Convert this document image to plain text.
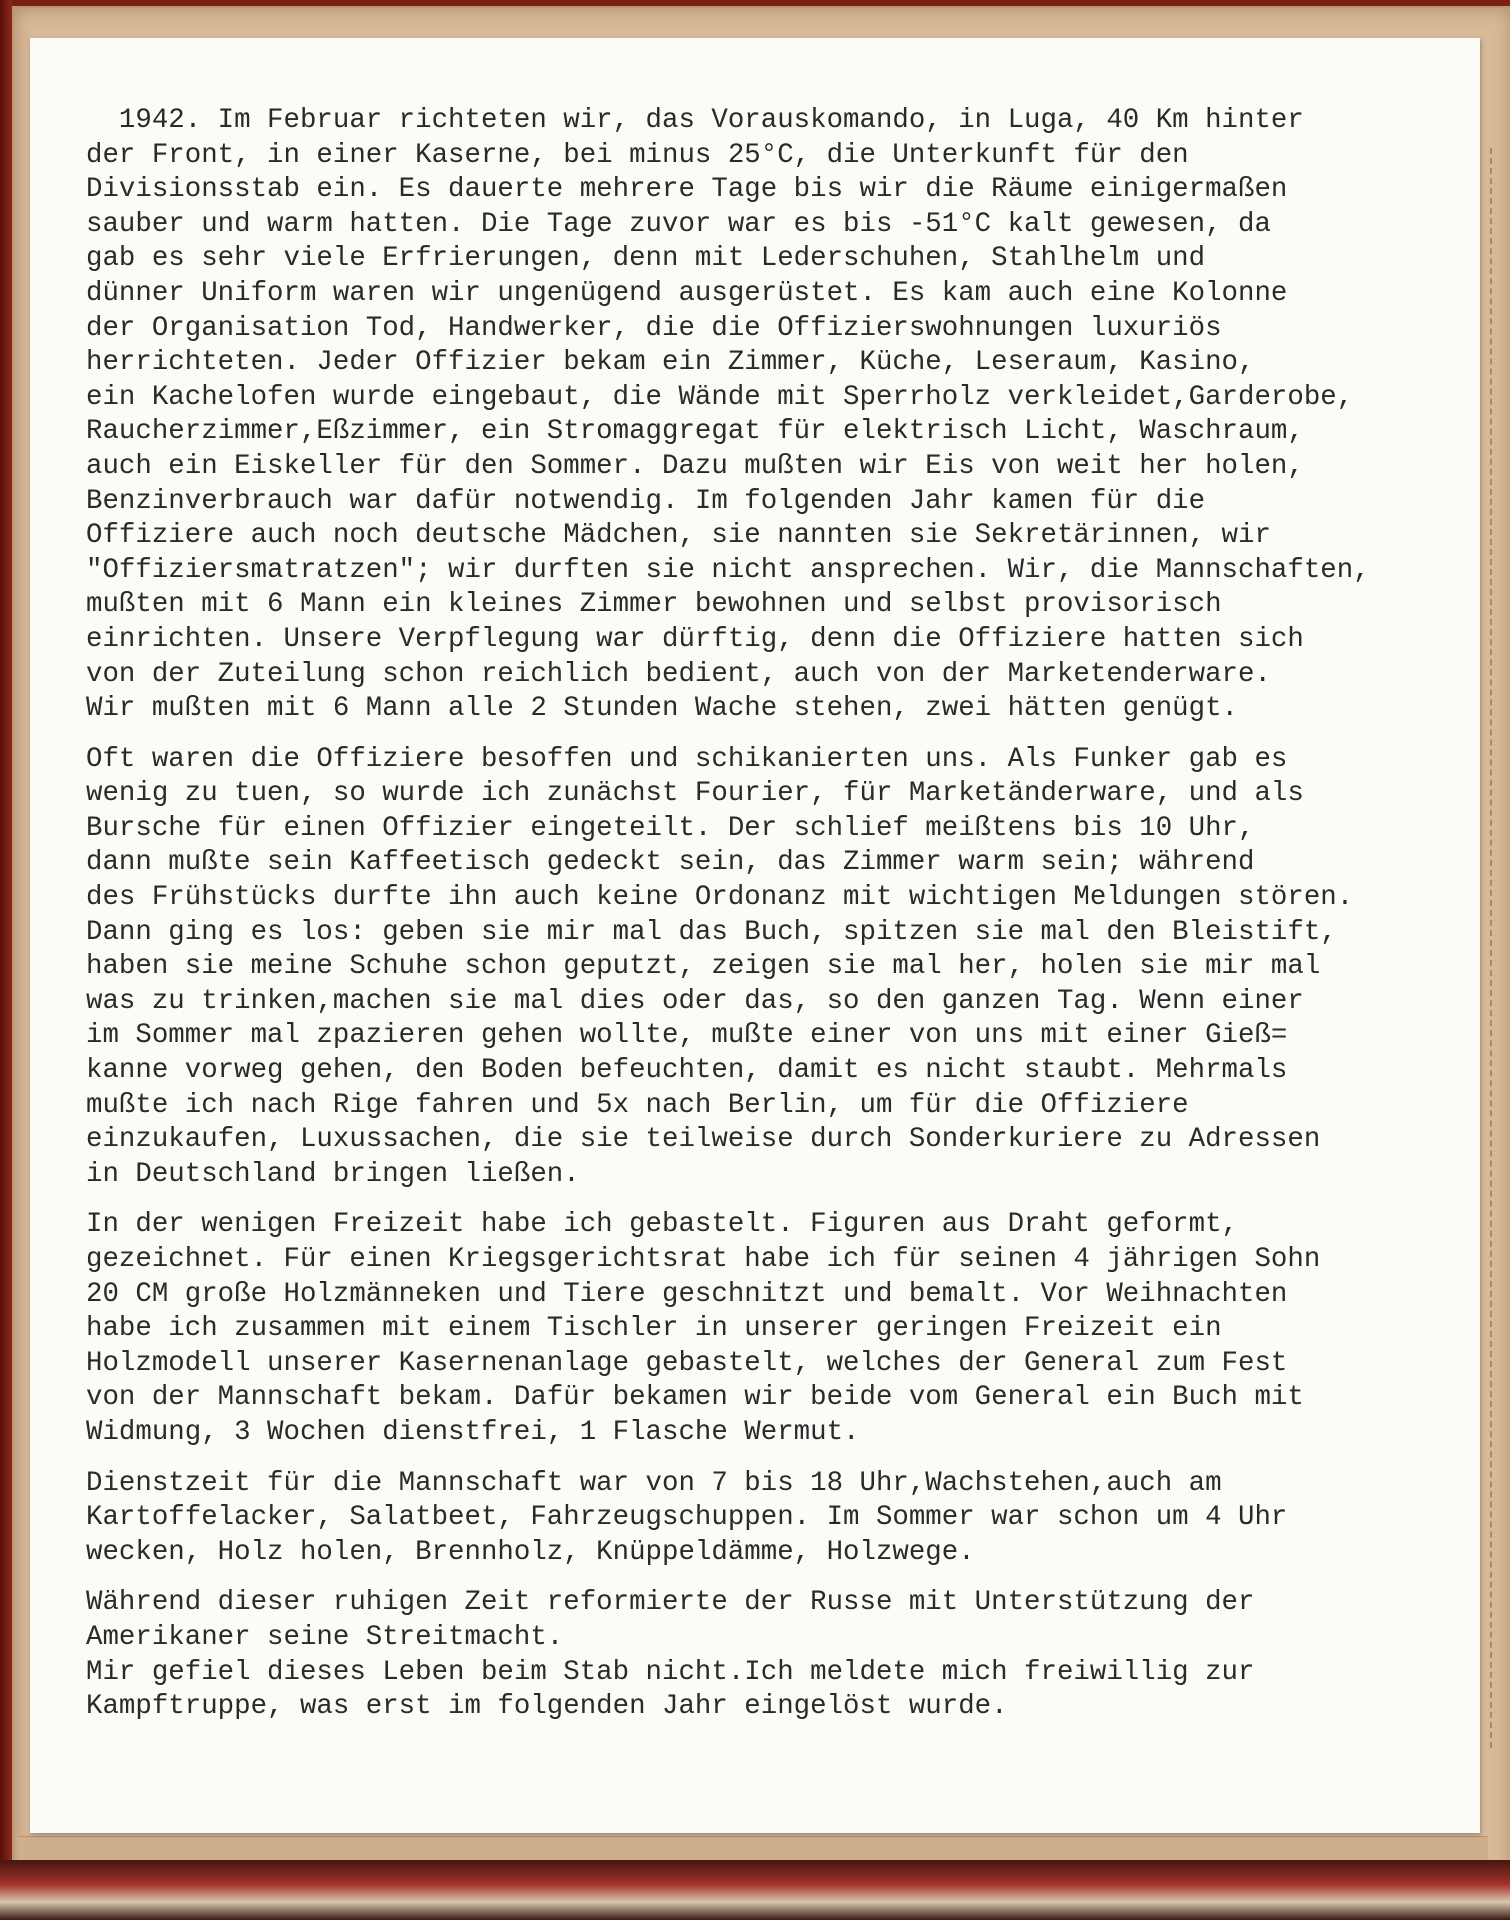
1942. Im Februar richteten wir, das Vorauskomando, in Luga, 40 Km hinter
der Front, in einer Kaserne, bei minus 25°C, die Unterkunft für den
Divisionsstab ein. Es dauerte mehrere Tage bis wir die Räume einigermaßen
sauber und warm hatten. Die Tage zuvor war es bis -51°C kalt gewesen, da
gab es sehr viele Erfrierungen, denn mit Lederschuhen, Stahlhelm und
dünner Uniform waren wir ungenügend ausgerüstet. Es kam auch eine Kolonne
der Organisation Tod, Handwerker, die die Offizierswohnungen luxuriös
herrichteten. Jeder Offizier bekam ein Zimmer, Küche, Leseraum, Kasino,
ein Kachelofen wurde eingebaut, die Wände mit Sperrholz verkleidet,Garderobe,
Raucherzimmer,Eßzimmer, ein Stromaggregat für elektrisch Licht, Waschraum,
auch ein Eiskeller für den Sommer. Dazu mußten wir Eis von weit her holen,
Benzinverbrauch war dafür notwendig. Im folgenden Jahr kamen für die
Offiziere auch noch deutsche Mädchen, sie nannten sie Sekretärinnen, wir
"Offiziersmatratzen"; wir durften sie nicht ansprechen. Wir, die Mannschaften,
mußten mit 6 Mann ein kleines Zimmer bewohnen und selbst provisorisch
einrichten. Unsere Verpflegung war dürftig, denn die Offiziere hatten sich
von der Zuteilung schon reichlich bedient, auch von der Marketenderware.
Wir mußten mit 6 Mann alle 2 Stunden Wache stehen, zwei hätten genügt.
Oft waren die Offiziere besoffen und schikanierten uns. Als Funker gab es
wenig zu tuen, so wurde ich zunächst Fourier, für Marketänderware, und als
Bursche für einen Offizier eingeteilt. Der schlief meißtens bis 10 Uhr,
dann mußte sein Kaffeetisch gedeckt sein, das Zimmer warm sein; während
des Frühstücks durfte ihn auch keine Ordonanz mit wichtigen Meldungen stören.
Dann ging es los: geben sie mir mal das Buch, spitzen sie mal den Bleistift,
haben sie meine Schuhe schon geputzt, zeigen sie mal her, holen sie mir mal
was zu trinken,machen sie mal dies oder das, so den ganzen Tag. Wenn einer
im Sommer mal zpazieren gehen wollte, mußte einer von uns mit einer Gieß=
kanne vorweg gehen, den Boden befeuchten, damit es nicht staubt. Mehrmals
mußte ich nach Rige fahren und 5x nach Berlin, um für die Offiziere
einzukaufen, Luxussachen, die sie teilweise durch Sonderkuriere zu Adressen
in Deutschland bringen ließen.
In der wenigen Freizeit habe ich gebastelt. Figuren aus Draht geformt,
gezeichnet. Für einen Kriegsgerichtsrat habe ich für seinen 4 jährigen Sohn
20 CM große Holzmänneken und Tiere geschnitzt und bemalt. Vor Weihnachten
habe ich zusammen mit einem Tischler in unserer geringen Freizeit ein
Holzmodell unserer Kasernenanlage gebastelt, welches der General zum Fest
von der Mannschaft bekam. Dafür bekamen wir beide vom General ein Buch mit
Widmung, 3 Wochen dienstfrei, 1 Flasche Wermut.
Dienstzeit für die Mannschaft war von 7 bis 18 Uhr,Wachstehen,auch am
Kartoffelacker, Salatbeet, Fahrzeugschuppen. Im Sommer war schon um 4 Uhr
wecken, Holz holen, Brennholz, Knüppeldämme, Holzwege.
Während dieser ruhigen Zeit reformierte der Russe mit Unterstützung der
Amerikaner seine Streitmacht.
Mir gefiel dieses Leben beim Stab nicht.Ich meldete mich freiwillig zur
Kampftruppe, was erst im folgenden Jahr eingelöst wurde.
